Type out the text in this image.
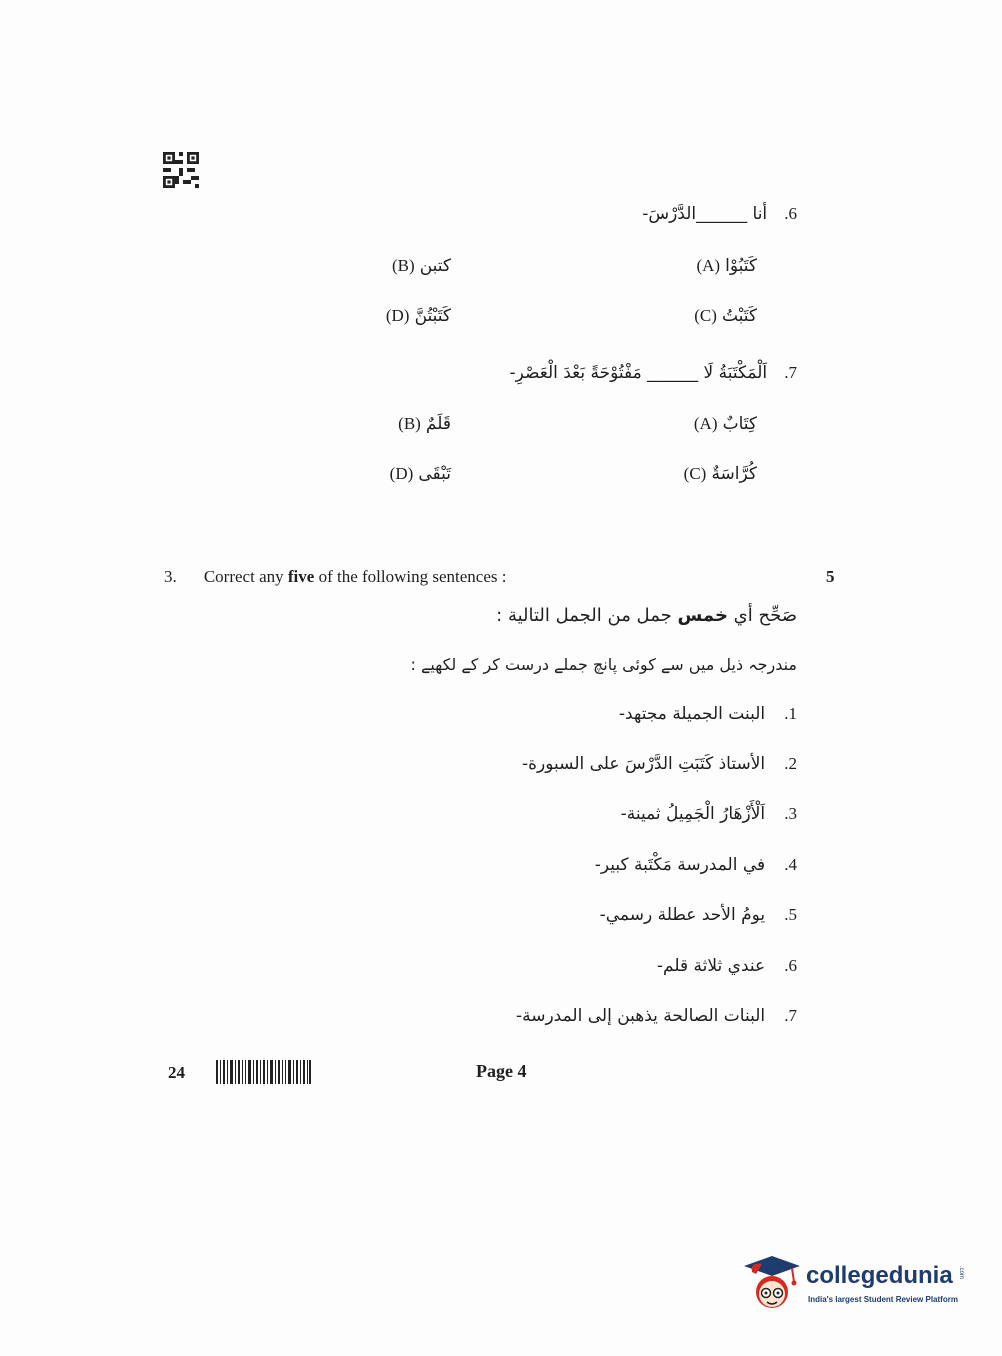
6. أنا ______الدَّرْسَ-
(A) كَتَبُوْا
(B) كتبن
(C) كَتَبْتُ
(D) كَتَبْتُنَّ
7. اَلْمَكْتَبَةُ لَا ______ مَفْتُوْحَةً بَعْدَ الْعَصْرِ-
(A) كِتَابٌ
(B) قَلَمٌ
(C) كُرَّاسَةٌ
(D) تَبْقَى
3. Correct any five of the following sentences :	5
صَحِّح أي خمس جمل من الجمل التالية :
مندرجہ ذیل میں سے کوئی پانچ جملے درست کر کے لکھیے :
1. البنت الجميلة مجتهد-
2. الأستاذ كَتَبَتِ الدَّرْسَ على السبورة-
3. اَلْأَزْهَارُ الْجَمِيلُ ثمينة-
4. في المدرسة مَكْتَبة كبير-
5. يومُ الأحد عطلة رسمي-
6. عندي ثلاثة قلم-
7. البنات الصالحة يذهبن إلى المدرسة-
24	Page 4
collegedunia .com
India's largest Student Review Platform
